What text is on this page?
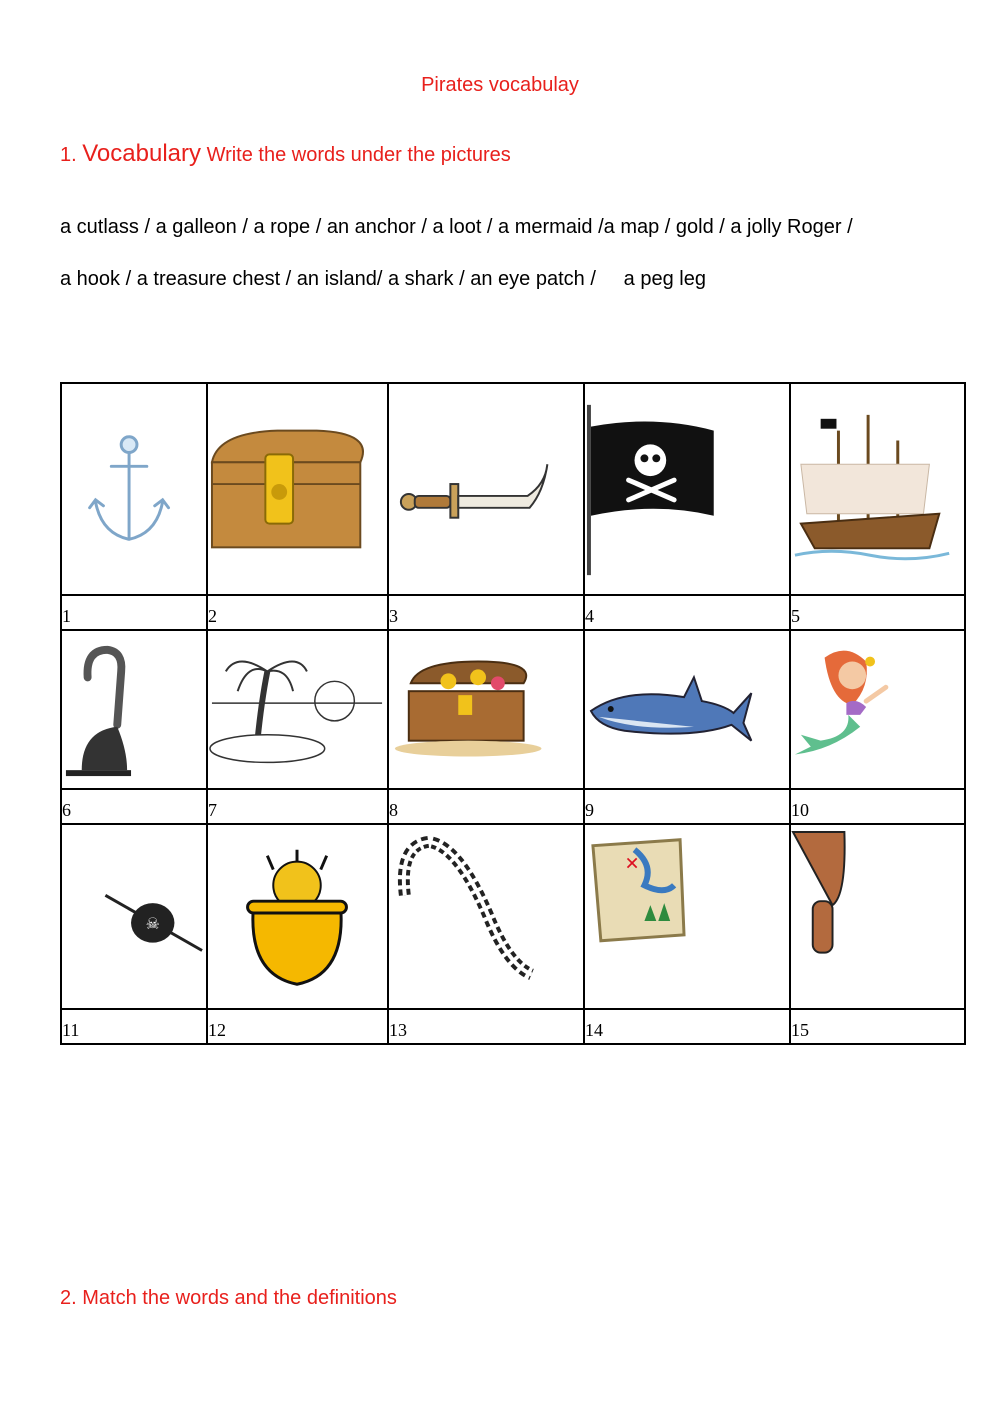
Pirates vocabulay
1. Vocabulary Write the words under the pictures
a cutlass / a galleon / a rope / an anchor / a loot / a mermaid /a map / gold / a jolly Roger /
a hook / a treasure chest / an island/ a shark / an eye patch /     a peg leg

1	2	3	4	5

6	7	8	9	10

☠			✕

11	12	13	14	15
2. Match the words and the definitions
